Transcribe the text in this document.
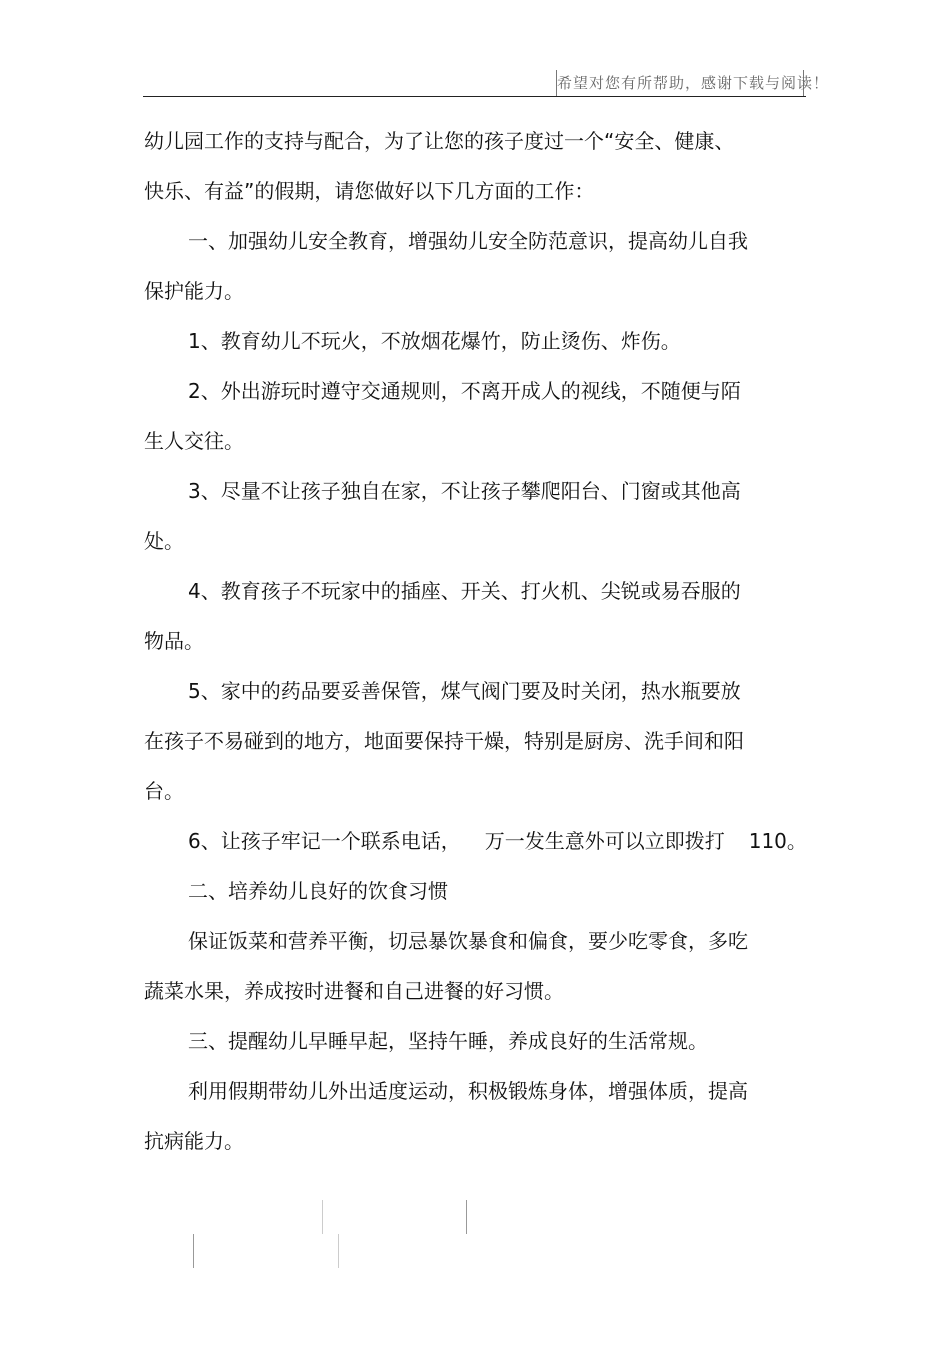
希望对您有所帮助，感谢下载与阅读！
幼儿园工作的支持与配合，为了让您的孩子度过一个“安全、健康、
快乐、有益”的假期，请您做好以下几方面的工作：
一、加强幼儿安全教育，增强幼儿安全防范意识，提高幼儿自我
保护能力。
1、教育幼儿不玩火，不放烟花爆竹，防止烫伤、炸伤。
2、外出游玩时遵守交通规则，不离开成人的视线，不随便与陌
生人交往。
3、尽量不让孩子独自在家，不让孩子攀爬阳台、门窗或其他高
处。
4、教育孩子不玩家中的插座、开关、打火机、尖锐或易吞服的
物品。
5、家中的药品要妥善保管，煤气阀门要及时关闭，热水瓶要放
在孩子不易碰到的地方，地面要保持干燥，特别是厨房、洗手间和阳
台。
6、让孩子牢记一个联系电话， 万一发生意外可以立即拨打 110。
二、培养幼儿良好的饮食习惯
保证饭菜和营养平衡，切忌暴饮暴食和偏食，要少吃零食，多吃
蔬菜水果，养成按时进餐和自己进餐的好习惯。
三、提醒幼儿早睡早起，坚持午睡，养成良好的生活常规。
利用假期带幼儿外出适度运动，积极锻炼身体，增强体质，提高
抗病能力。
